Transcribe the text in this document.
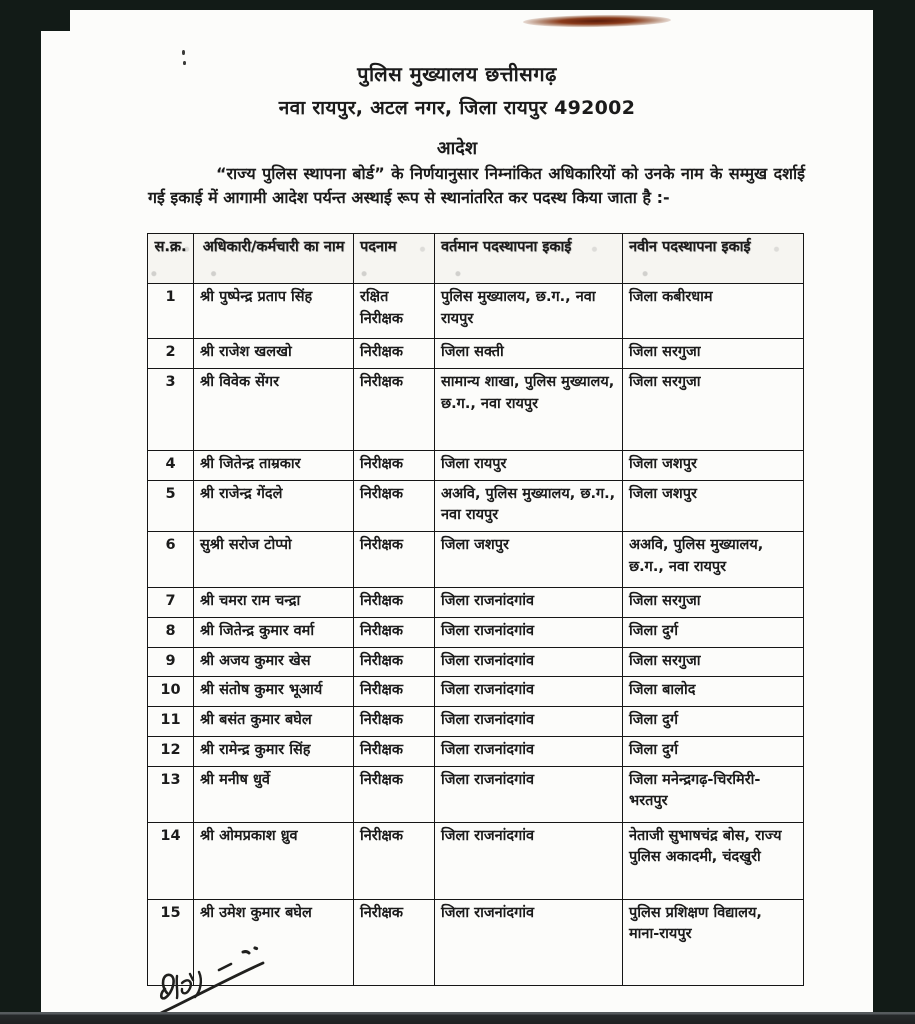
पुलिस मुख्यालय छत्तीसगढ़
नवा रायपुर, अटल नगर, जिला रायपुर 492002
आदेश

“राज्य पुलिस स्थापना बोर्ड” के निर्णयानुसार निम्नांकित अधिकारियों को उनके नाम के सम्मुख दर्शाई गई इकाई में आगामी आदेश पर्यन्त अस्थाई रूप से स्थानांतरित कर पदस्थ किया जाता है :-

स.क्र.	अधिकारी/कर्मचारी का नाम	पदनाम	वर्तमान पदस्थापना इकाई	नवीन पदस्थापना इकाई
1	श्री पुष्पेन्द्र प्रताप सिंह	रक्षित निरीक्षक	पुलिस मुख्यालय, छ.ग., नवा रायपुर	जिला कबीरधाम
2	श्री राजेश खलखो	निरीक्षक	जिला सक्ती	जिला सरगुजा
3	श्री विवेक सेंगर	निरीक्षक	सामान्य शाखा, पुलिस मुख्यालय, छ.ग., नवा रायपुर	जिला सरगुजा
4	श्री जितेन्द्र ताम्रकार	निरीक्षक	जिला रायपुर	जिला जशपुर
5	श्री राजेन्द्र गेंदले	निरीक्षक	अअवि, पुलिस मुख्यालय, छ.ग., नवा रायपुर	जिला जशपुर
6	सुश्री सरोज टोप्पो	निरीक्षक	जिला जशपुर	अअवि, पुलिस मुख्यालय, छ.ग., नवा रायपुर
7	श्री चमरा राम चन्द्रा	निरीक्षक	जिला राजनांदगांव	जिला सरगुजा
8	श्री जितेन्द्र कुमार वर्मा	निरीक्षक	जिला राजनांदगांव	जिला दुर्ग
9	श्री अजय कुमार खेस	निरीक्षक	जिला राजनांदगांव	जिला सरगुजा
10	श्री संतोष कुमार भूआर्य	निरीक्षक	जिला राजनांदगांव	जिला बालोद
11	श्री बसंत कुमार बघेल	निरीक्षक	जिला राजनांदगांव	जिला दुर्ग
12	श्री रामेन्द्र कुमार सिंह	निरीक्षक	जिला राजनांदगांव	जिला दुर्ग
13	श्री मनीष धुर्वे	निरीक्षक	जिला राजनांदगांव	जिला मनेन्द्रगढ़-चिरमिरी-भरतपुर
14	श्री ओमप्रकाश ध्रुव	निरीक्षक	जिला राजनांदगांव	नेताजी सुभाषचंद्र बोस, राज्य पुलिस अकादमी, चंदखुरी
15	श्री उमेश कुमार बघेल	निरीक्षक	जिला राजनांदगांव	पुलिस प्रशिक्षण विद्यालय, माना-रायपुर
